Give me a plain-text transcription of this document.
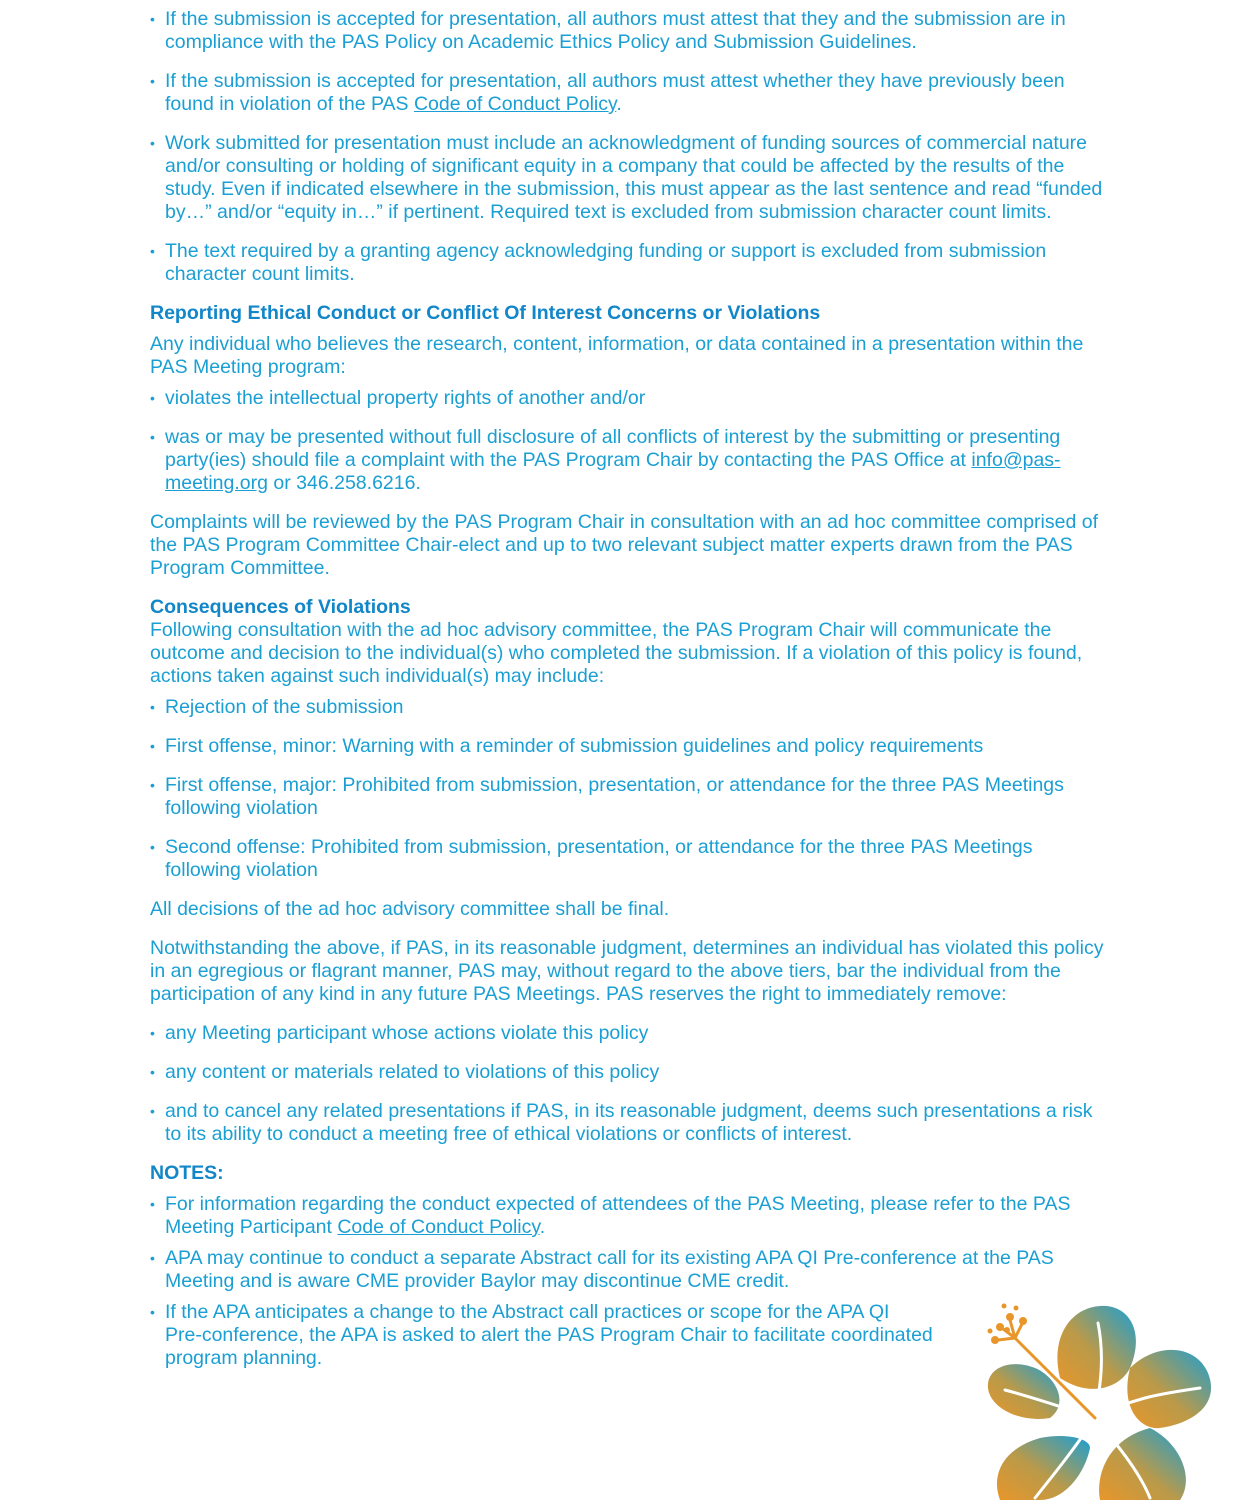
• If the submission is accepted for presentation, all authors must attest that they and the submission are in compliance with the PAS Policy on Academic Ethics Policy and Submission Guidelines.
• If the submission is accepted for presentation, all authors must attest whether they have previously been found in violation of the PAS Code of Conduct Policy.
• Work submitted for presentation must include an acknowledgment of funding sources of commercial nature and/or consulting or holding of significant equity in a company that could be affected by the results of the study. Even if indicated elsewhere in the submission, this must appear as the last sentence and read “funded by…” and/or “equity in…” if pertinent. Required text is excluded from submission character count limits.
• The text required by a granting agency acknowledging funding or support is excluded from submission character count limits.
Reporting Ethical Conduct or Conflict Of Interest Concerns or Violations

Any individual who believes the research, content, information, or data contained in a presentation within the PAS Meeting program:

• violates the intellectual property rights of another and/or
• was or may be presented without full disclosure of all conflicts of interest by the submitting or presenting party(ies) should file a complaint with the PAS Program Chair by contacting the PAS Office at info@pas-meeting.org or 346.258.6216.

Complaints will be reviewed by the PAS Program Chair in consultation with an ad hoc committee comprised of the PAS Program Committee Chair-elect and up to two relevant subject matter experts drawn from the PAS Program Committee.

Consequences of Violations

Following consultation with the ad hoc advisory committee, the PAS Program Chair will communicate the outcome and decision to the individual(s) who completed the submission. If a violation of this policy is found, actions taken against such individual(s) may include:

• Rejection of the submission
• First offense, minor: Warning with a reminder of submission guidelines and policy requirements
• First offense, major: Prohibited from submission, presentation, or attendance for the three PAS Meetings following violation
• Second offense: Prohibited from submission, presentation, or attendance for the three PAS Meetings following violation

All decisions of the ad hoc advisory committee shall be final.

Notwithstanding the above, if PAS, in its reasonable judgment, determines an individual has violated this policy in an egregious or flagrant manner, PAS may, without regard to the above tiers, bar the individual from the participation of any kind in any future PAS Meetings. PAS reserves the right to immediately remove:

• any Meeting participant whose actions violate this policy
• any content or materials related to violations of this policy
• and to cancel any related presentations if PAS, in its reasonable judgment, deems such presentations a risk to its ability to conduct a meeting free of ethical violations or conflicts of interest.
NOTES:
• For information regarding the conduct expected of attendees of the PAS Meeting, please refer to the PAS Meeting Participant Code of Conduct Policy.
• APA may continue to conduct a separate Abstract call for its existing APA QI Pre-conference at the PAS Meeting and is aware CME provider Baylor may discontinue CME credit.
• If the APA anticipates a change to the Abstract call practices or scope for the APA QI
Pre-conference, the APA is asked to alert the PAS Program Chair to facilitate coordinated
program planning.
